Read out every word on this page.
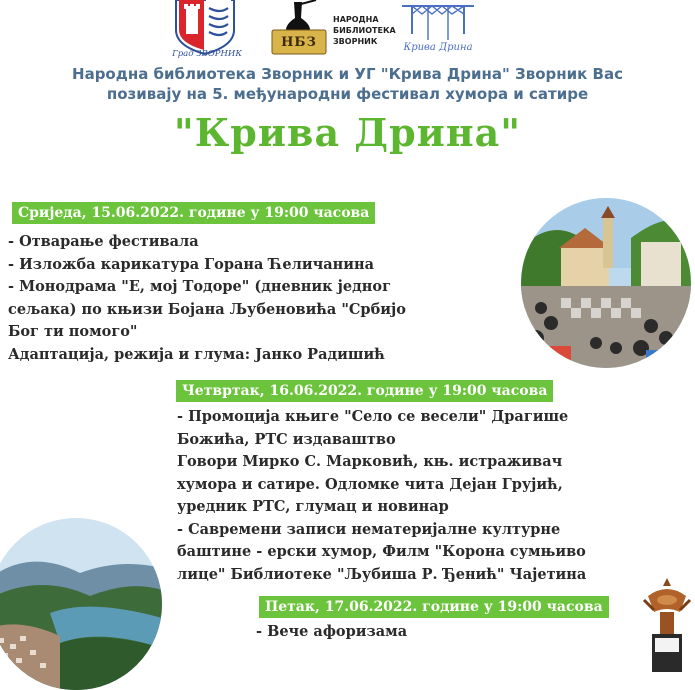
Град ЗВОРНИК
НБЗ
НАРОДНА
БИБЛИОТЕКА
ЗВОРНИК
Крива Дрина
Народна библиотека Зворник и УГ "Крива Дрина" Зворник Вас
позивају на 5. међународни фестивал хумора и сатире
"Крива Дрина"
Сриједа, 15.06.2022. године у 19:00 часова
- Отварање фестивала
- Изложба карикатура Горана Ћеличанина
- Монодрама "Е, мој Тодоре" (дневник једног
сељака) по књизи Бојана Љубеновића "Србијо
Бог ти помого"
Адаптација, режија и глума: Јанко Радишић
Четвртак, 16.06.2022. године у 19:00 часова
- Промоција књиге "Село се весели" Драгише
Божића, РТС издаваштво
Говори Мирко С. Марковић, књ. истраживач
хумора и сатире. Одломке чита Дејан Грујић,
уредник РТС, глумац и новинар
- Савремени записи нематеријалне културне
баштине - ерски хумор, Филм "Корона сумњиво
лице" Библиотеке "Љубиша Р. Ђенић" Чајетина
Петак, 17.06.2022. године у 19:00 часова
- Вече афоризама
